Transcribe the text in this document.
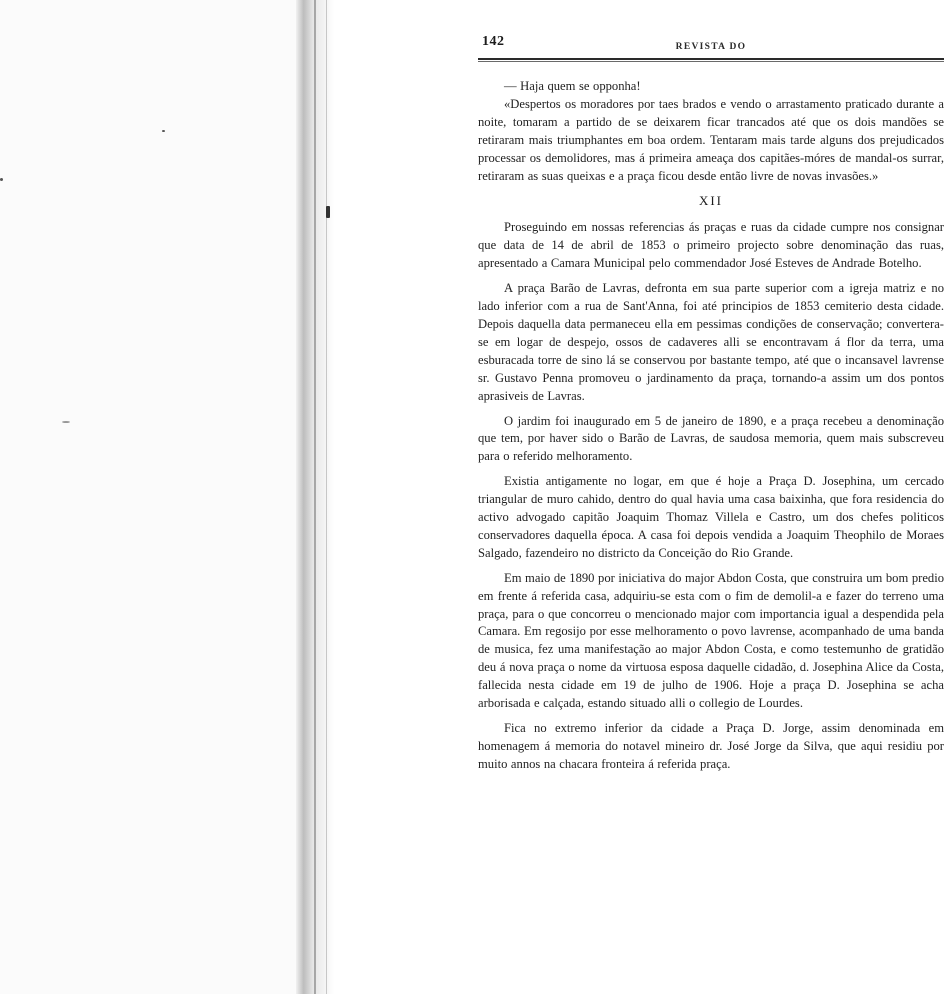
142	REVISTA DO

— Haja quem se opponha!

«Despertos os moradores por taes brados e vendo o arrastamento praticado durante a noite, tomaram a partido de se deixarem ficar trancados até que os dois mandões se retiraram mais triumphantes em boa ordem. Tentaram mais tarde alguns dos prejudicados processar os demolidores, mas á primeira ameaça dos capitães-móres de mandal-os surrar, retiraram as suas queixas e a praça ficou desde então livre de novas invasões.»

XII

Proseguindo em nossas referencias ás praças e ruas da cidade cumpre nos consignar que data de 14 de abril de 1853 o primeiro projecto sobre denominação das ruas, apresentado a Camara Municipal pelo commendador José Esteves de Andrade Botelho.

A praça Barão de Lavras, defronta em sua parte superior com a igreja matriz e no lado inferior com a rua de Sant'Anna, foi até principios de 1853 cemiterio desta cidade. Depois daquella data permaneceu ella em pessimas condições de conservação; convertera-se em logar de despejo, ossos de cadaveres alli se encontravam á flor da terra, uma esburacada torre de sino lá se conservou por bastante tempo, até que o incansavel lavrense sr. Gustavo Penna promoveu o jardinamento da praça, tornando-a assim um dos pontos aprasiveis de Lavras.

O jardim foi inaugurado em 5 de janeiro de 1890, e a praça recebeu a denominação que tem, por haver sido o Barão de Lavras, de saudosa memoria, quem mais subscreveu para o referido melhoramento.

Existia antigamente no logar, em que é hoje a Praça D. Josephina, um cercado triangular de muro cahido, dentro do qual havia uma casa baixinha, que fora residencia do activo advogado capitão Joaquim Thomaz Villela e Castro, um dos chefes politicos conservadores daquella época. A casa foi depois vendida a Joaquim Theophilo de Moraes Salgado, fazendeiro no districto da Conceição do Rio Grande.

Em maio de 1890 por iniciativa do major Abdon Costa, que construira um bom predio em frente á referida casa, adquiriu-se esta com o fim de demolil-a e fazer do terreno uma praça, para o que concorreu o mencionado major com importancia igual a despendida pela Camara. Em regosijo por esse melhoramento o povo lavrense, acompanhado de uma banda de musica, fez uma manifestação ao major Abdon Costa, e como testemunho de gratidão deu á nova praça o nome da virtuosa esposa daquelle cidadão, d. Josephina Alice da Costa, fallecida nesta cidade em 19 de julho de 1906. Hoje a praça D. Josephina se acha arborisada e calçada, estando situado alli o collegio de Lourdes.

Fica no extremo inferior da cidade a Praça D. Jorge, assim denominada em homenagem á memoria do notavel mineiro dr. José Jorge da Silva, que aqui residiu por muito annos na chacara fronteira á referida praça.
